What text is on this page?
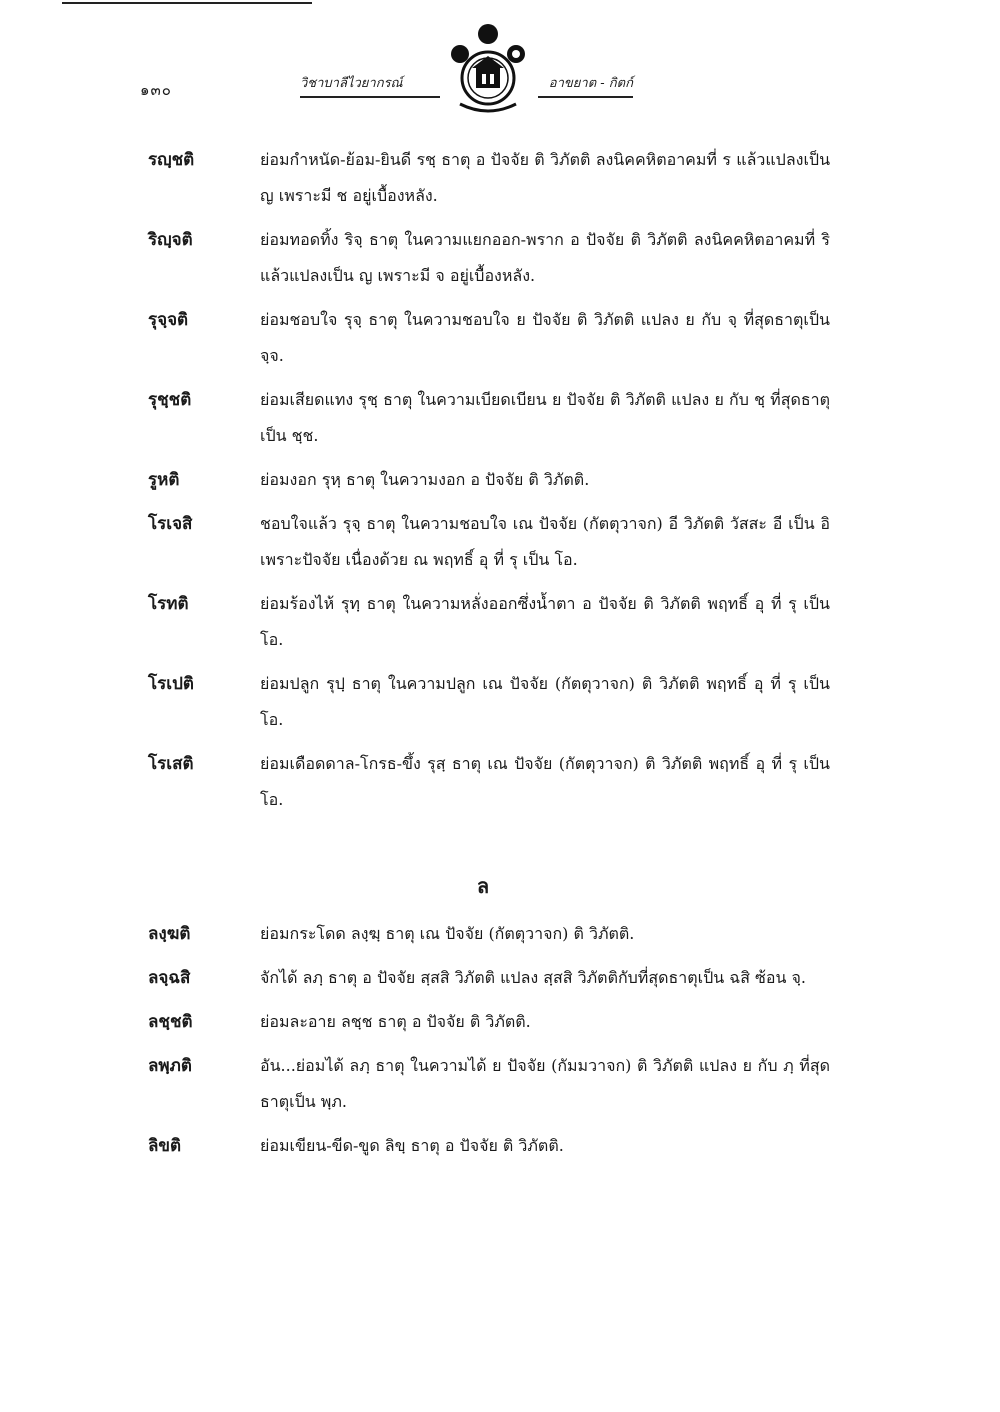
๑๓๐	วิชาบาลีไวยากรณ์	อาขยาต - กิตก์
รญฺชติ	ย่อมกำหนัด-ย้อม-ยินดี รชฺ ธาตุ อ ปัจจัย ติ วิภัตติ ลงนิคคหิตอาคมที่ ร แล้วแปลงเป็น ญ เพราะมี ช อยู่เบื้องหลัง.
ริญฺจติ	ย่อมทอดทิ้ง ริจฺ ธาตุ ในความแยกออก-พราก อ ปัจจัย ติ วิภัตติ ลงนิคคหิตอาคมที่ ริ แล้วแปลงเป็น ญ เพราะมี จ อยู่เบื้องหลัง.
รุจฺจติ	ย่อมชอบใจ รุจฺ ธาตุ ในความชอบใจ ย ปัจจัย ติ วิภัตติ แปลง ย กับ จฺ ที่สุดธาตุเป็น จฺจ.
รุชฺชติ	ย่อมเสียดแทง รุชฺ ธาตุ ในความเบียดเบียน ย ปัจจัย ติ วิภัตติ แปลง ย กับ ชฺ ที่สุดธาตุเป็น ชฺช.
รูหติ	ย่อมงอก รุหฺ ธาตุ ในความงอก อ ปัจจัย ติ วิภัตติ.
โรเจสิ	ชอบใจแล้ว รุจฺ ธาตุ ในความชอบใจ เณ ปัจจัย (กัตตุวาจก) อี วิภัตติ วัสสะ อี เป็น อิ เพราะปัจจัย เนื่องด้วย ณ พฤทธิ์ อุ ที่ รุ เป็น โอ.
โรทติ	ย่อมร้องไห้ รุทฺ ธาตุ ในความหลั่งออกซึ่งน้ำตา อ ปัจจัย ติ วิภัตติ พฤทธิ์ อุ ที่ รุ เป็น โอ.
โรเปติ	ย่อมปลูก รุปฺ ธาตุ ในความปลูก เณ ปัจจัย (กัตตุวาจก) ติ วิภัตติ พฤทธิ์ อุ ที่ รุ เป็น โอ.
โรเสติ	ย่อมเดือดดาล-โกรธ-ขึ้ง รุสฺ ธาตุ เณ ปัจจัย (กัตตุวาจก) ติ วิภัตติ พฤทธิ์ อุ ที่ รุ เป็น โอ.
ล
ลงฺฆติ	ย่อมกระโดด ลงฺฆฺ ธาตุ เณ ปัจจัย (กัตตุวาจก) ติ วิภัตติ.
ลจฺฉสิ	จักได้ ลภฺ ธาตุ อ ปัจจัย สฺสสิ วิภัตติ แปลง สฺสสิ วิภัตติกับที่สุดธาตุเป็น ฉสิ ซ้อน จฺ.
ลชฺชติ	ย่อมละอาย ลชฺช ธาตุ อ ปัจจัย ติ วิภัตติ.
ลพฺภติ	อัน...ย่อมได้ ลภฺ ธาตุ ในความได้ ย ปัจจัย (กัมมวาจก) ติ วิภัตติ แปลง ย กับ ภฺ ที่สุดธาตุเป็น พฺภ.
ลิขติ	ย่อมเขียน-ขีด-ขูด ลิขฺ ธาตุ อ ปัจจัย ติ วิภัตติ.
